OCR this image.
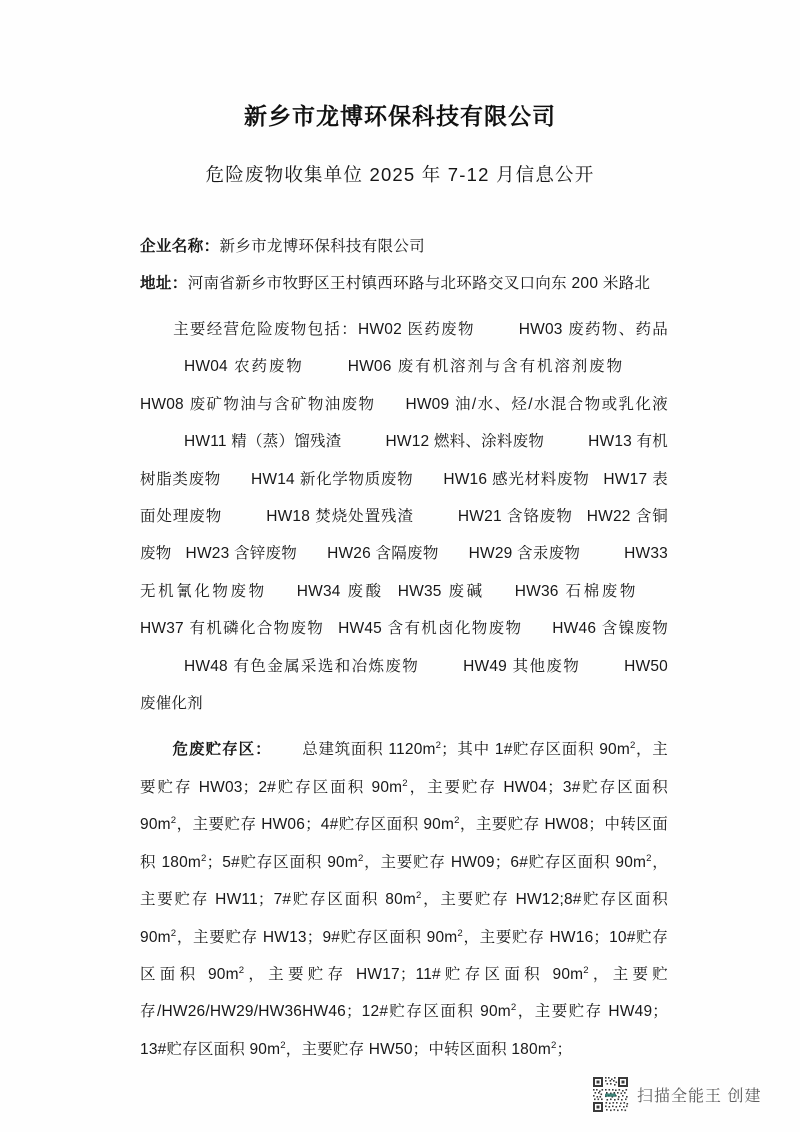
新乡市龙博环保科技有限公司
危险废物收集单位 2025 年 7-12 月信息公开
企业名称：新乡市龙博环保科技有限公司
地址：河南省新乡市牧野区王村镇西环路与北环路交叉口向东 200 米路北

主要经营危险废物包括：HW02 医药废物	HW03 废药物、药品HW04 农药废物	HW06 废有机溶剂与含有机溶剂废物HW08 废矿物油与含矿物油废物 HW09 油/水、烃/水混合物或乳化液HW11 精（蒸）馏残渣	HW12 燃料、涂料废物	HW13 有机树脂类废物 HW14 新化学物质废物 HW16 感光材料废物 HW17 表面处理废物	HW18 焚烧处置残渣	HW21 含铬废物 HW22 含铜废物 HW23 含锌废物 HW26 含隔废物 HW29 含汞废物	HW33 无机氰化物废物 HW34 废酸 HW35 废碱 HW36 石棉废物HW37 有机磷化合物废物 HW45 含有机卤化物废物 HW46 含镍废物HW48 有色金属采选和冶炼废物	HW49 其他废物	HW50 废催化剂

危废贮存区： 总建筑面积 $1120m^2$；其中 1#贮存区面积 $90m^2$，主要贮存 HW03；2#贮存区面积 $90m^2$，主要贮存 HW04；3#贮存区面积 $90m^2$，主要贮存 HW06；4#贮存区面积 $90m^2$，主要贮存 HW08；中转区面积 $180m^2$；5#贮存区面积 $90m^2$，主要贮存 HW09；6#贮存区面积 $90m^2$，主要贮存 HW11；7#贮存区面积 $80m^2$，主要贮存 HW12;8#贮存区面积 $90m^2$，主要贮存 HW13；9#贮存区面积 $90m^2$，主要贮存 HW16；10#贮存区面积 $90m^2$，主要贮存 HW17；11#贮存区面积 $90m^2$，主要贮存/HW26/HW29/HW36HW46；12#贮存区面积 $90m^2$，主要贮存 HW49；13#贮存区面积 $90m^2$，主要贮存 HW50；中转区面积 $180m^2$；

扫描全能王 创建
